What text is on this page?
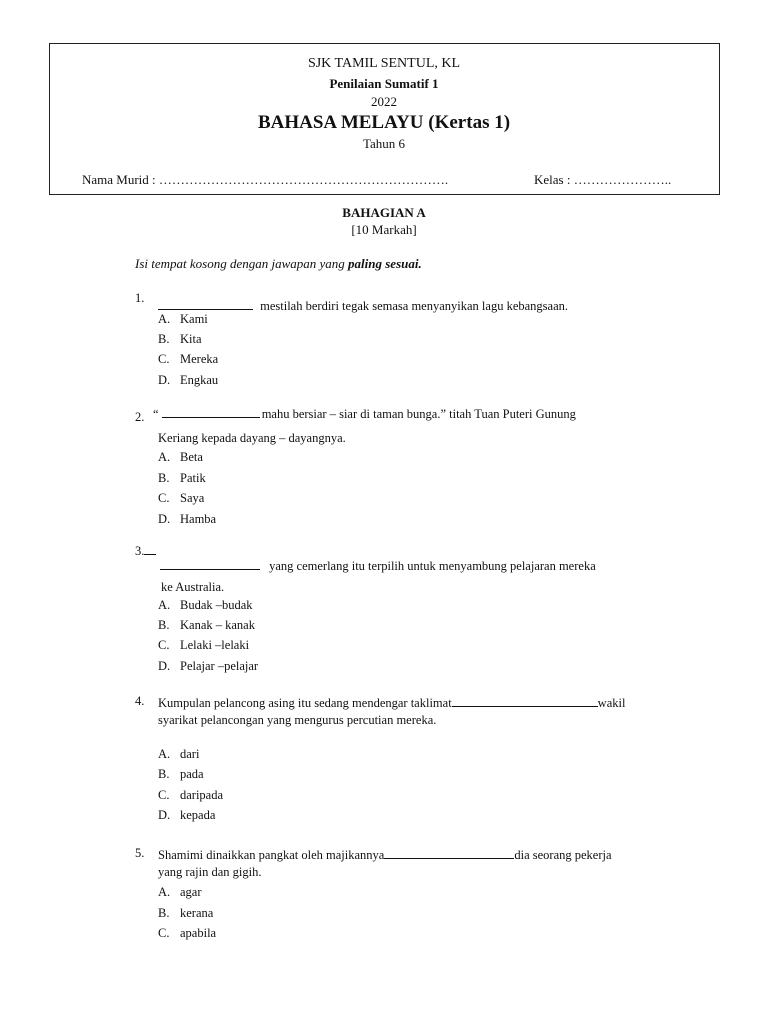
SJK TAMIL SENTUL, KL
Penilaian Sumatif 1
2022
BAHASA MELAYU (Kertas 1)
Tahun 6
Nama Murid : ………………………………………………………….	Kelas : …………………..
BAHAGIAN A
[10 Markah]
Isi tempat kosong dengan jawapan yang paling sesuai.
1.
mestilah berdiri tegak semasa menyanyikan lagu kebangsaan.
A. Kami
B. Kita
C. Mereka
D. Engkau
2. “	mahu bersiar – siar di taman bunga.” titah Tuan Puteri Gunung
Keriang kepada dayang – dayangnya.
A. Beta
B. Patik
C. Saya
D. Hamba
3.
yang cemerlang itu terpilih untuk menyambung pelajaran mereka
ke Australia.
A. Budak –budak
B. Kanak – kanak
C. Lelaki –lelaki
D. Pelajar –pelajar
4. Kumpulan pelancong asing itu sedang mendengar taklimat	wakil
syarikat pelancongan yang mengurus percutian mereka.
A. dari
B. pada
C. daripada
D. kepada
5. Shamimi dinaikkan pangkat oleh majikannya	dia seorang pekerja
yang rajin dan gigih.
A. agar
B. kerana
C. apabila
